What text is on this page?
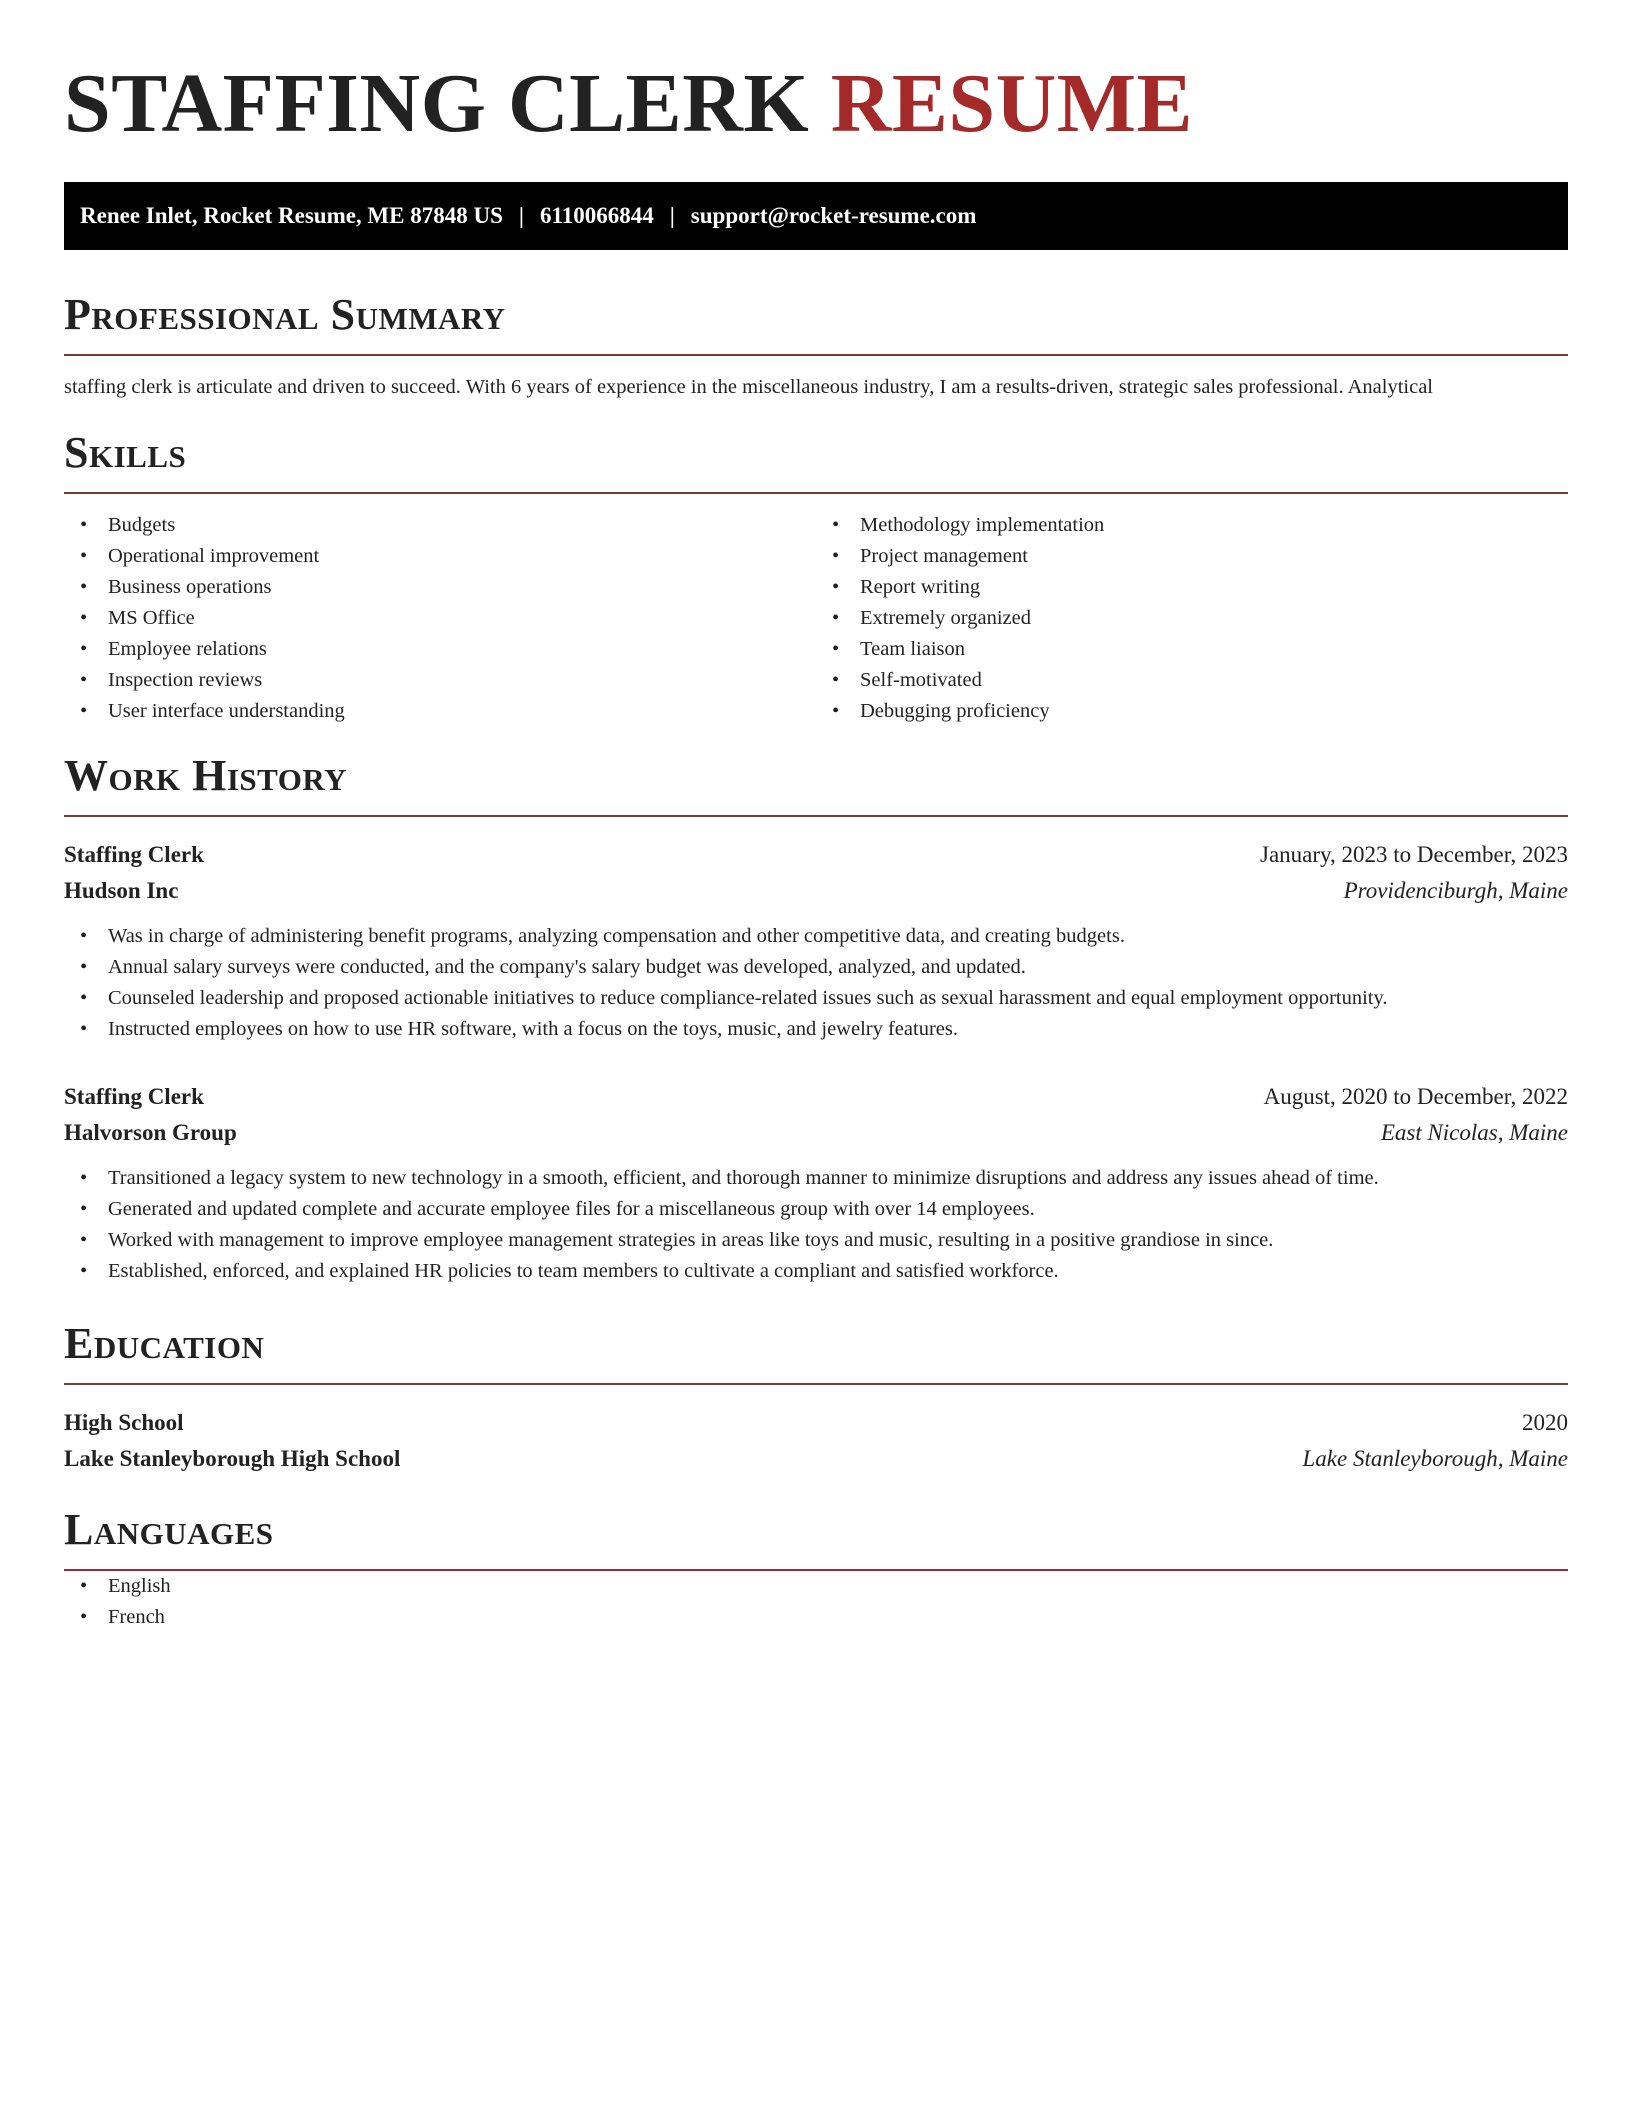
STAFFING CLERK RESUME
Renee Inlet, Rocket Resume, ME 87848 US | 6110066844 | support@rocket-resume.com
Professional Summary

staffing clerk is articulate and driven to succeed. With 6 years of experience in the miscellaneous industry, I am a results-driven, strategic sales professional. Analytical

Skills
• Budgets
• Operational improvement
• Business operations
• MS Office
• Employee relations
• Inspection reviews
• User interface understanding
• Methodology implementation
• Project management
• Report writing
• Extremely organized
• Team liaison
• Self-motivated
• Debugging proficiency
Work History
Staffing Clerk	January, 2023 to December, 2023
Hudson Inc	Providenciburgh, Maine
• Was in charge of administering benefit programs, analyzing compensation and other competitive data, and creating budgets.
• Annual salary surveys were conducted, and the company's salary budget was developed, analyzed, and updated.
• Counseled leadership and proposed actionable initiatives to reduce compliance-related issues such as sexual harassment and equal employment opportunity.
• Instructed employees on how to use HR software, with a focus on the toys, music, and jewelry features.
Staffing Clerk	August, 2020 to December, 2022
Halvorson Group	East Nicolas, Maine
• Transitioned a legacy system to new technology in a smooth, efficient, and thorough manner to minimize disruptions and address any issues ahead of time.
• Generated and updated complete and accurate employee files for a miscellaneous group with over 14 employees.
• Worked with management to improve employee management strategies in areas like toys and music, resulting in a positive grandiose in since.
• Established, enforced, and explained HR policies to team members to cultivate a compliant and satisfied workforce.
Education
High School	2020
Lake Stanleyborough High School	Lake Stanleyborough, Maine
Languages
• English
• French
